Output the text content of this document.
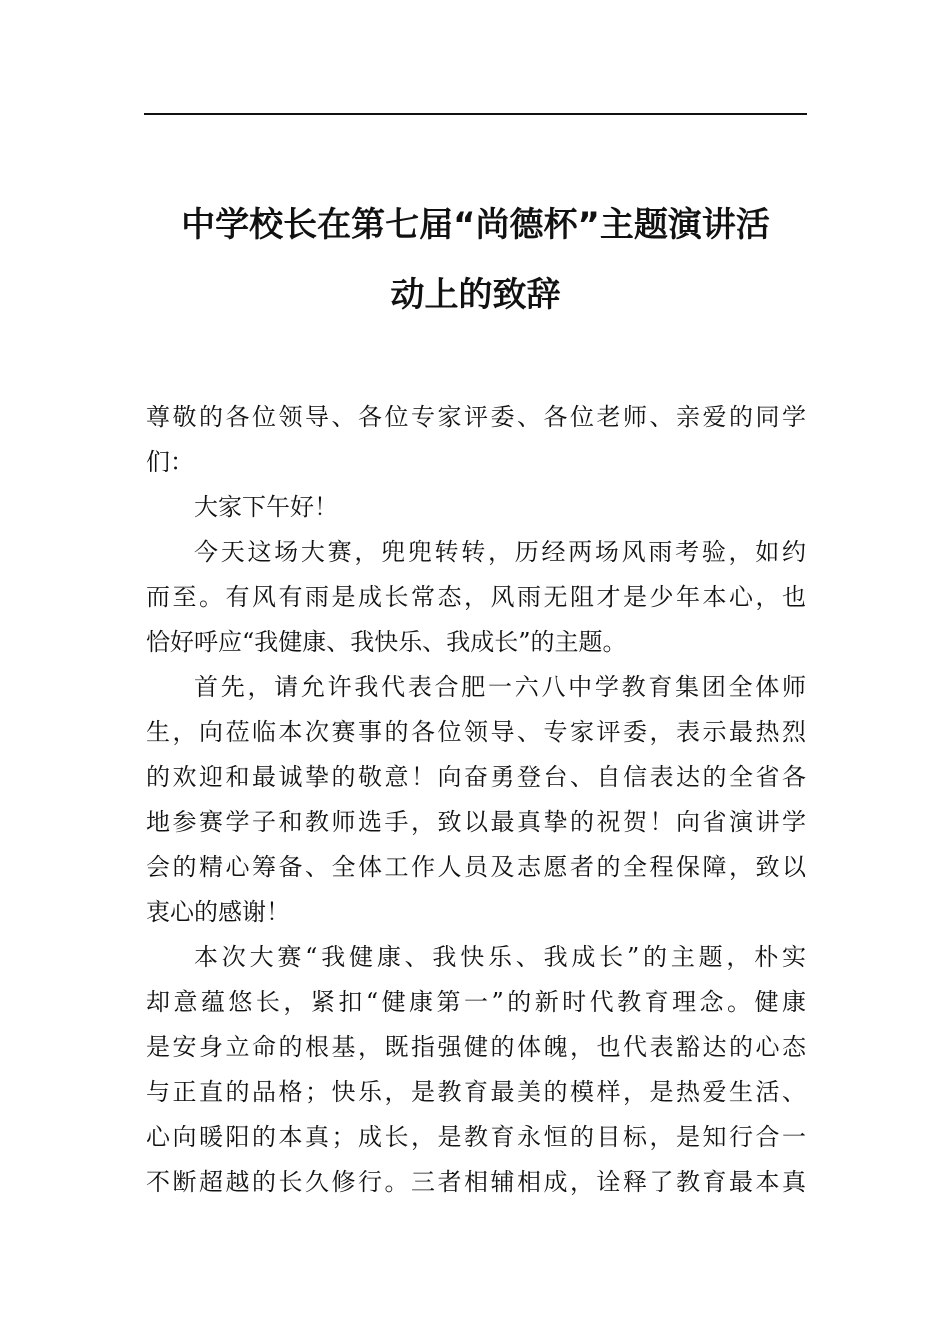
中学校长在第七届“尚德杯”主题演讲活
动上的致辞
尊敬的各位领导、各位专家评委、各位老师、亲爱的同学
们：
大家下午好！
今天这场大赛，兜兜转转，历经两场风雨考验，如约
而至。有风有雨是成长常态，风雨无阻才是少年本心，也
恰好呼应“我健康、我快乐、我成长”的主题。
首先，请允许我代表合肥一六八中学教育集团全体师
生，向莅临本次赛事的各位领导、专家评委，表示最热烈
的欢迎和最诚挚的敬意！向奋勇登台、自信表达的全省各
地参赛学子和教师选手，致以最真挚的祝贺！向省演讲学
会的精心筹备、全体工作人员及志愿者的全程保障，致以
衷心的感谢！
本次大赛“我健康、我快乐、我成长”的主题，朴实
却意蕴悠长，紧扣“健康第一”的新时代教育理念。健康
是安身立命的根基，既指强健的体魄，也代表豁达的心态
与正直的品格；快乐，是教育最美的模样，是热爱生活、
心向暖阳的本真；成长，是教育永恒的目标，是知行合一
不断超越的长久修行。三者相辅相成，诠释了教育最本真
